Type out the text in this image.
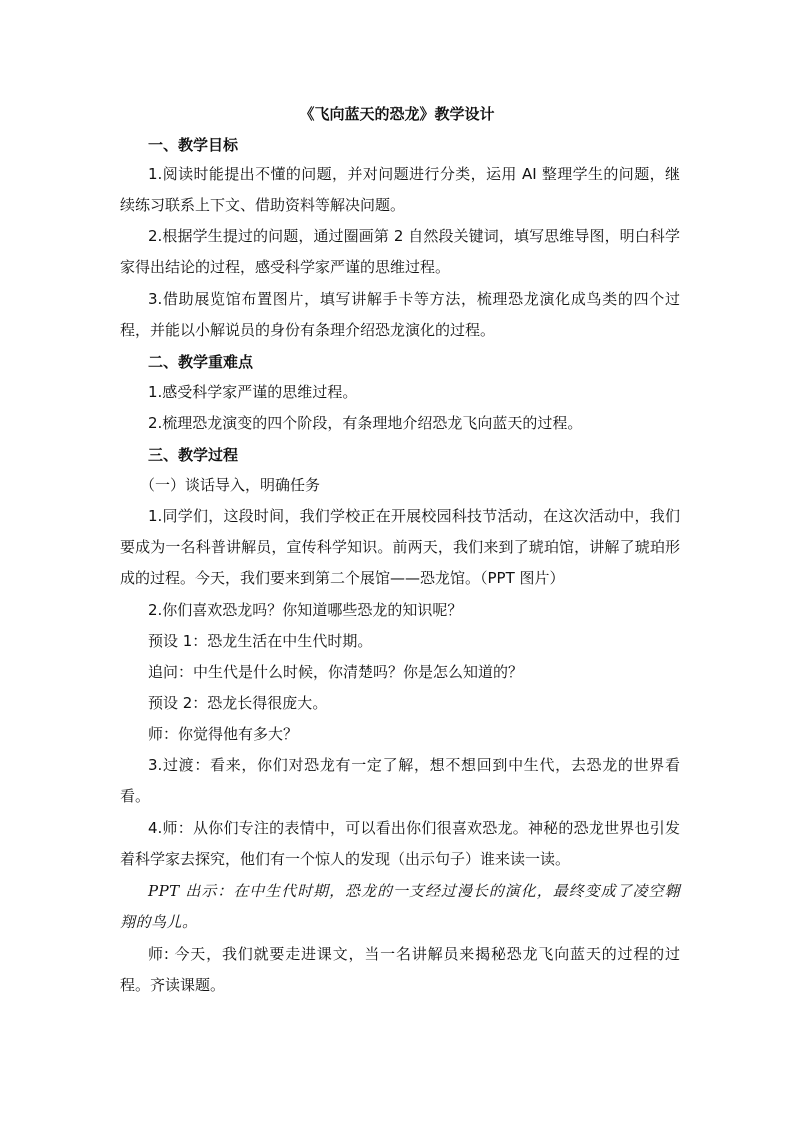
《飞向蓝天的恐龙》教学设计
一、教学目标
1.阅读时能提出不懂的问题，并对问题进行分类，运用 AI 整理学生的问题，继续练习联系上下文、借助资料等解决问题。
2.根据学生提过的问题，通过圈画第 2 自然段关键词，填写思维导图，明白科学家得出结论的过程，感受科学家严谨的思维过程。
3.借助展览馆布置图片，填写讲解手卡等方法，梳理恐龙演化成鸟类的四个过程，并能以小解说员的身份有条理介绍恐龙演化的过程。
二、教学重难点
1.感受科学家严谨的思维过程。
2.梳理恐龙演变的四个阶段，有条理地介绍恐龙飞向蓝天的过程。
三、教学过程
（一）谈话导入，明确任务
1.同学们，这段时间，我们学校正在开展校园科技节活动，在这次活动中，我们要成为一名科普讲解员，宣传科学知识。前两天，我们来到了琥珀馆，讲解了琥珀形成的过程。今天，我们要来到第二个展馆——恐龙馆。（PPT 图片）
2.你们喜欢恐龙吗？你知道哪些恐龙的知识呢？
预设 1：恐龙生活在中生代时期。
追问：中生代是什么时候，你清楚吗？你是怎么知道的？
预设 2：恐龙长得很庞大。
师：你觉得他有多大？
3.过渡：看来，你们对恐龙有一定了解，想不想回到中生代，去恐龙的世界看看。
4.师：从你们专注的表情中，可以看出你们很喜欢恐龙。神秘的恐龙世界也引发着科学家去探究，他们有一个惊人的发现（出示句子）谁来读一读。
PPT 出示：在中生代时期，恐龙的一支经过漫长的演化，最终变成了凌空翱翔的鸟儿。
师: 今天，我们就要走进课文，当一名讲解员来揭秘恐龙飞向蓝天的过程的过程。齐读课题。
